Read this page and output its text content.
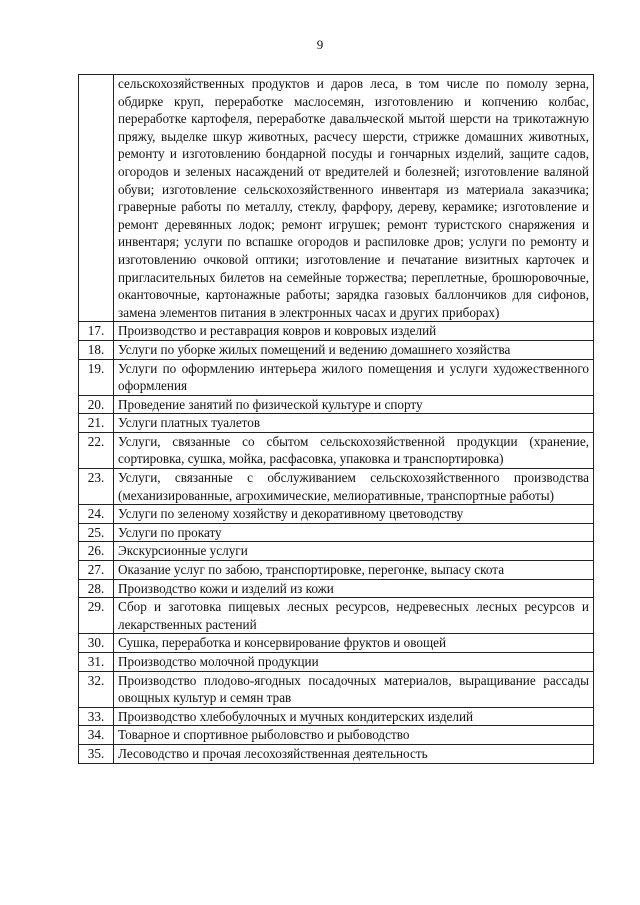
9
	сельскохозяйственных продуктов и даров леса, в том числе по помолу зерна, обдирке круп, переработке маслосемян, изготовлению и копчению колбас, переработке картофеля, переработке давальческой мытой шерсти на трикотажную пряжу, выделке шкур животных, расчесу шерсти, стрижке домашних животных, ремонту и изготовлению бондарной посуды и гончарных изделий, защите садов, огородов и зеленых насаждений от вредителей и болезней; изготовление валяной обуви; изготовление сельскохозяйственного инвентаря из материала заказчика; граверные работы по металлу, стеклу, фарфору, дереву, керамике; изготовление и ремонт деревянных лодок; ремонт игрушек; ремонт туристского снаряжения и инвентаря; услуги по вспашке огородов и распиловке дров; услуги по ремонту и изготовлению очковой оптики; изготовление и печатание визитных карточек и пригласительных билетов на семейные торжества; переплетные, брошюровочные, окантовочные, картонажные работы; зарядка газовых баллончиков для сифонов, замена элементов питания в электронных часах и других приборах)
17.	Производство и реставрация ковров и ковровых изделий
18.	Услуги по уборке жилых помещений и ведению домашнего хозяйства
19.	Услуги по оформлению интерьера жилого помещения и услуги художественного оформления
20.	Проведение занятий по физической культуре и спорту
21.	Услуги платных туалетов
22.	Услуги, связанные со сбытом сельскохозяйственной продукции (хранение, сортировка, сушка, мойка, расфасовка, упаковка и транспортировка)
23.	Услуги, связанные с обслуживанием сельскохозяйственного производства (механизированные, агрохимические, мелиоративные, транспортные работы)
24.	Услуги по зеленому хозяйству и декоративному цветоводству
25.	Услуги по прокату
26.	Экскурсионные услуги
27.	Оказание услуг по забою, транспортировке, перегонке, выпасу скота
28.	Производство кожи и изделий из кожи
29.	Сбор и заготовка пищевых лесных ресурсов, недревесных лесных ресурсов и лекарственных растений
30.	Сушка, переработка и консервирование фруктов и овощей
31.	Производство молочной продукции
32.	Производство плодово-ягодных посадочных материалов, выращивание рассады овощных культур и семян трав
33.	Производство хлебобулочных и мучных кондитерских изделий
34.	Товарное и спортивное рыболовство и рыбоводство
35.	Лесоводство и прочая лесохозяйственная деятельность
